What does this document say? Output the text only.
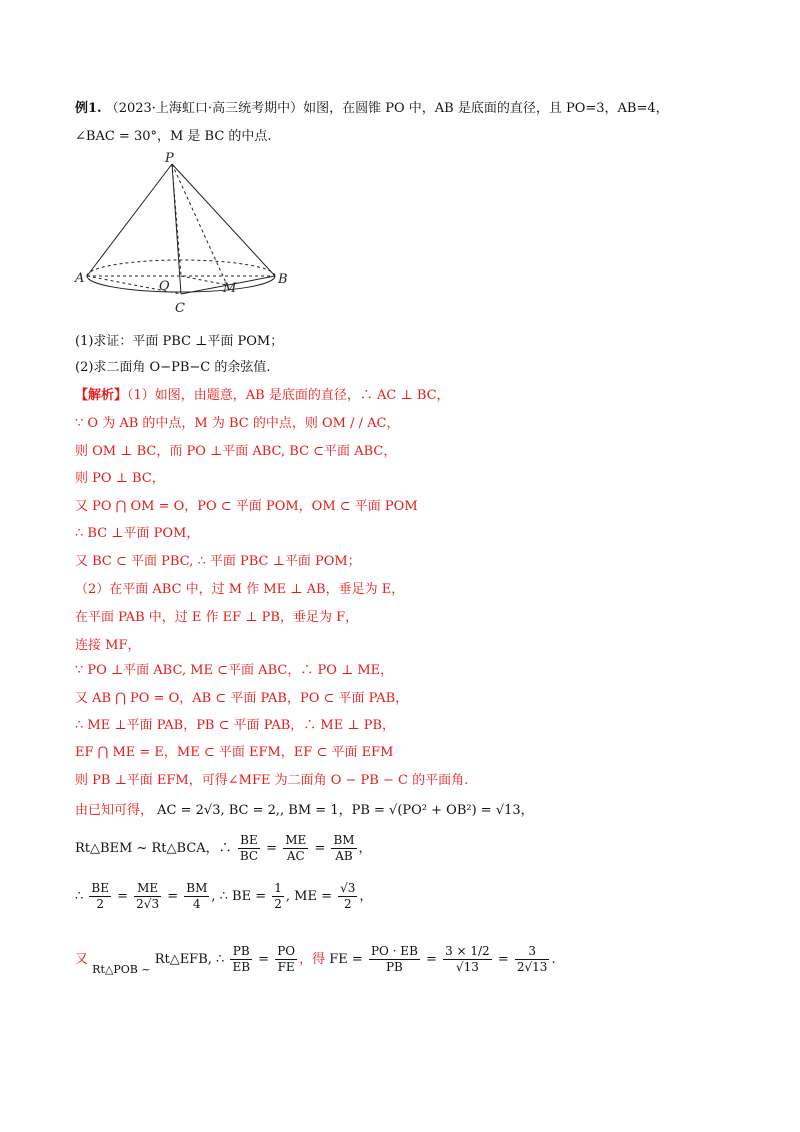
例1. （2023·上海虹口·高三统考期中）如图，在圆锥 PO 中，AB 是底面的直径，且 PO=3，AB=4，
∠BAC = 30°，M 是 BC 的中点.
P
A	B
C
O	M
(1)求证：平面 PBC ⊥平面 POM；
(2)求二面角 O−PB−C 的余弦值.
【解析】（1）如图，由题意，AB 是底面的直径，∴ AC ⊥ BC，
∵ O 为 AB 的中点，M 为 BC 的中点，则 OM / / AC，
则 OM ⊥ BC，而 PO ⊥平面 ABC, BC ⊂平面 ABC，
则 PO ⊥ BC，
又 PO ⋂ OM = O，PO ⊂ 平面 POM，OM ⊂ 平面 POM
∴ BC ⊥平面 POM，
又 BC ⊂ 平面 PBC, ∴ 平面 PBC ⊥平面 POM；
（2）在平面 ABC 中，过 M 作 ME ⊥ AB，垂足为 E，
在平面 PAB 中，过 E 作 EF ⊥ PB，垂足为 F，
连接 MF，
∵ PO ⊥平面 ABC, ME ⊂平面 ABC，∴ PO ⊥ ME，
又 AB ⋂ PO = O，AB ⊂ 平面 PAB，PO ⊂ 平面 PAB，
∴ ME ⊥平面 PAB，PB ⊂ 平面 PAB，∴ ME ⊥ PB，
EF ⋂ ME = E，ME ⊂ 平面 EFM，EF ⊂ 平面 EFM
则 PB ⊥平面 EFM，可得∠MFE 为二面角 O − PB − C 的平面角.
由已知可得， AC = 2√3, BC = 2,, BM = 1，PB = √(PO² + OB²) = √13，
Rt△BEM ~ Rt△BCA，∴ $\frac{BE}{BC} = \frac{ME}{AC} = \frac{BM}{AB}$ ，
∴ $\frac{BE}{2} = \frac{ME}{2√3} = \frac{BM}{4}$ , ∴ BE = $\frac{1}{2}$ , ME = $\frac{√3}{2}$ ，
又 $_{Rt\triangle POB \sim}$ Rt△EFB, ∴ $\frac{PB}{EB} = \frac{PO}{FE}$ ，得 FE = $\frac{PO \cdot EB}{PB} = \frac{3 \times 1/2}{√13} = \frac{3}{2√13}$ .
